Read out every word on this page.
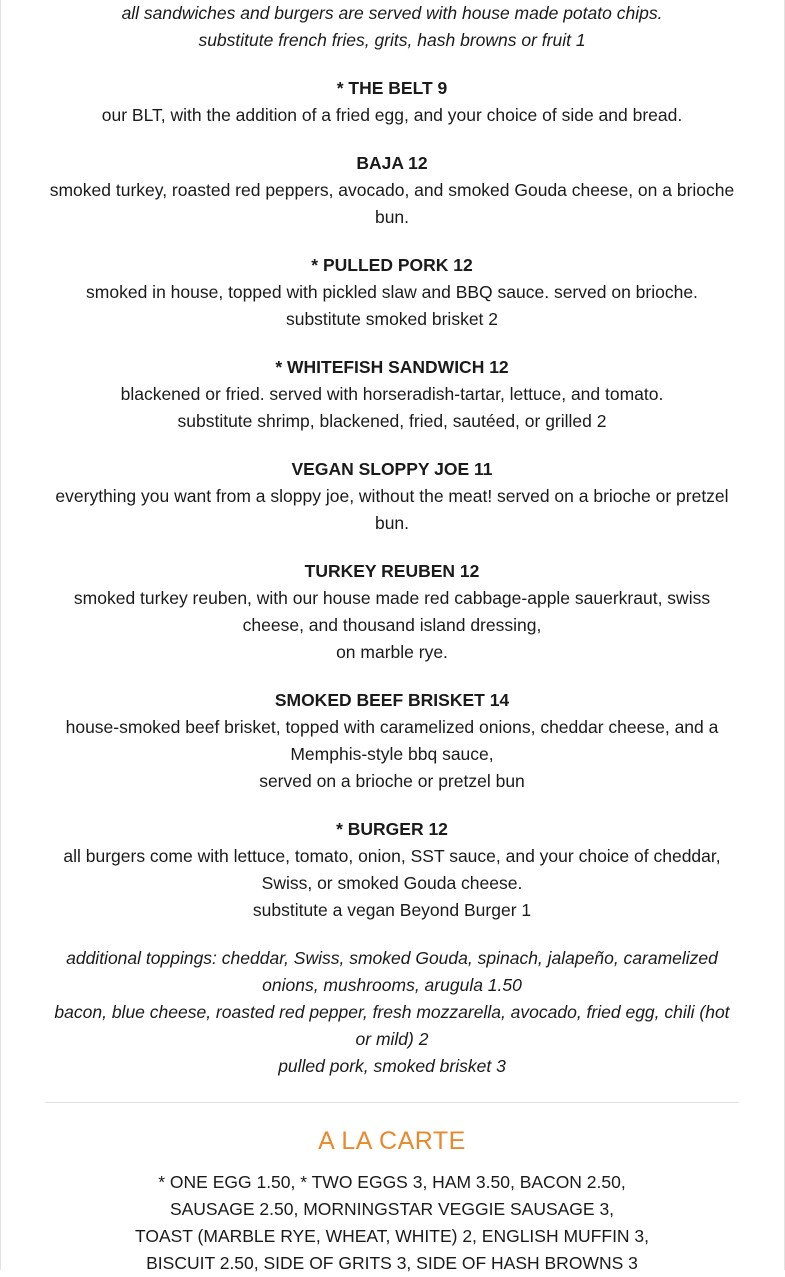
all sandwiches and burgers are served with house made potato chips.
substitute french fries, grits, hash browns or fruit 1

* THE BELT 9
our BLT, with the addition of a fried egg, and your choice of side and bread.
BAJA 12
smoked turkey, roasted red peppers, avocado, and smoked Gouda cheese, on a brioche bun.
* PULLED PORK 12
smoked in house, topped with pickled slaw and BBQ sauce. served on brioche.
substitute smoked brisket 2
* WHITEFISH SANDWICH 12
blackened or fried. served with horseradish-tartar, lettuce, and tomato.
substitute shrimp, blackened, fried, sautéed, or grilled 2
VEGAN SLOPPY JOE 11
everything you want from a sloppy joe, without the meat! served on a brioche or pretzel bun.
TURKEY REUBEN 12
smoked turkey reuben, with our house made red cabbage-apple sauerkraut, swiss cheese, and thousand island dressing,
on marble rye.
SMOKED BEEF BRISKET 14
house-smoked beef brisket, topped with caramelized onions, cheddar cheese, and a Memphis-style bbq sauce,
served on a brioche or pretzel bun
* BURGER 12
all burgers come with lettuce, tomato, onion, SST sauce, and your choice of cheddar, Swiss, or smoked Gouda cheese.
substitute a vegan Beyond Burger 1
additional toppings: cheddar, Swiss, smoked Gouda, spinach, jalapeño, caramelized onions, mushrooms, arugula 1.50
bacon, blue cheese, roasted red pepper, fresh mozzarella, avocado, fried egg, chili (hot or mild) 2
pulled pork, smoked brisket 3
A LA CARTE
* ONE EGG 1.50, * TWO EGGS 3, HAM 3.50, BACON 2.50,
SAUSAGE 2.50, MORNINGSTAR VEGGIE SAUSAGE 3,
TOAST (MARBLE RYE, WHEAT, WHITE) 2, ENGLISH MUFFIN 3,
BISCUIT 2.50, SIDE OF GRITS 3, SIDE OF HASH BROWNS 3
